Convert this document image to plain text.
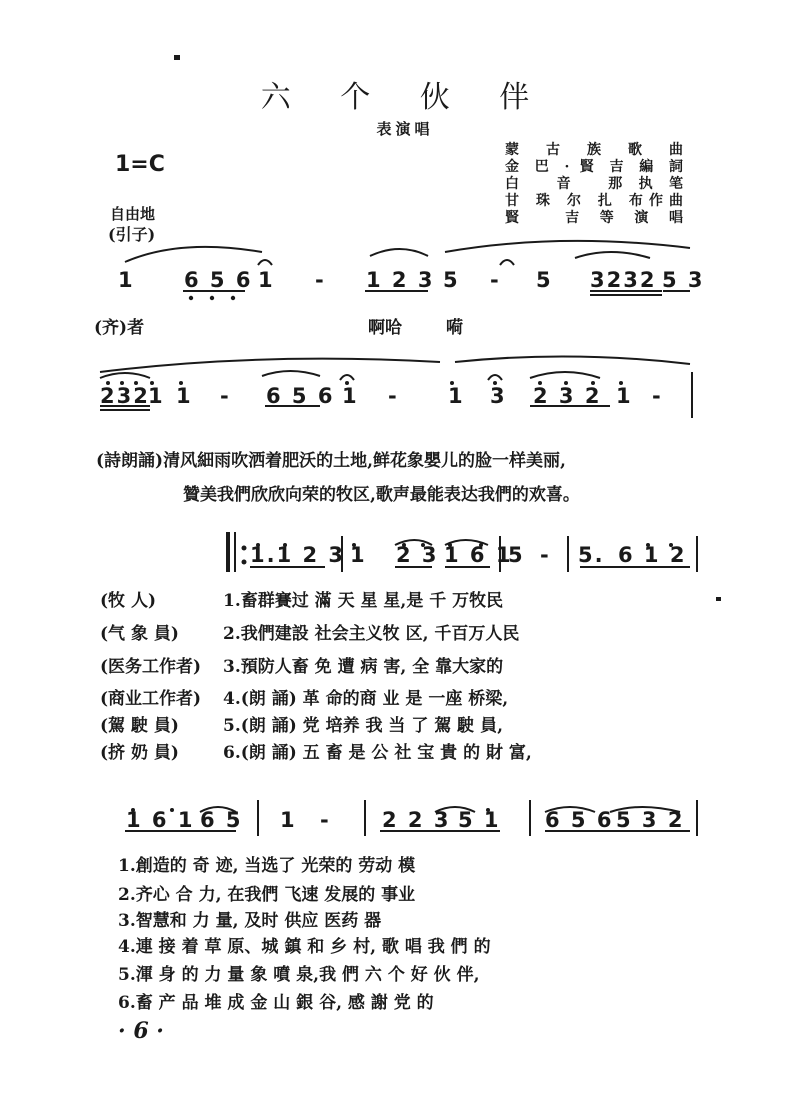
六 个 伙 伴
表演唱
1=C
蒙 古 族 歌 曲
金 巴 · 賢 吉 編 詞
白 音 那执笔
甘 珠 尔 扎 布作曲
賢 吉等演唱
自由地
(引子)
1 6 5 6 1 - 1 2 3 5 - 5 3232 5 3
(齐)者	啊哈	嗬
232
1 1 - 6 5 6 1 - 1 3 2 3 2 1 -
(詩朗誦)清风細雨吹洒着肥沃的土地,鲜花象嬰儿的脸一样美丽,
贊美我們欣欣向荣的牧区,歌声最能表达我們的欢喜。
1.1 2 3 1 2 3 1 6 1
5 - 5. 6 1 2
(牧 人)	1.畜群賽过 滿 天 星 星,是 千 万牧民
(气 象 員)	2.我們建設 社会主义牧 区, 千百万人民
(医务工作者) 3.預防人畜 免 遭 病 害, 全 靠大家的
(商业工作者) 4.(朗 誦) 革 命的商 业 是 一座 桥梁,
(駕 駛 員)	5.(朗 誦) 党 培养 我 当 了 駕 駛 員,
(挤 奶 員)	6.(朗 誦) 五 畜 是 公 社 宝 貴 的 財 富,
1 6 1 6 5 1 - 2 2 3 5 1 6 5 6 5 3 2
1.創造的 奇 迹, 当选了 光荣的 劳动 模
2.齐心 合 力, 在我們 飞速 发展的 事业
3.智慧和 力 量, 及时 供应 医药 器
4.連 接 着 草 原、城 鎮 和 乡 村, 歌 唱 我 們 的
5.渾 身 的 力 量 象 噴 泉,我 們 六 个 好 伙 伴,
6.畜 产 品 堆 成 金 山 銀 谷, 感 謝 党 的
· 6 ·
